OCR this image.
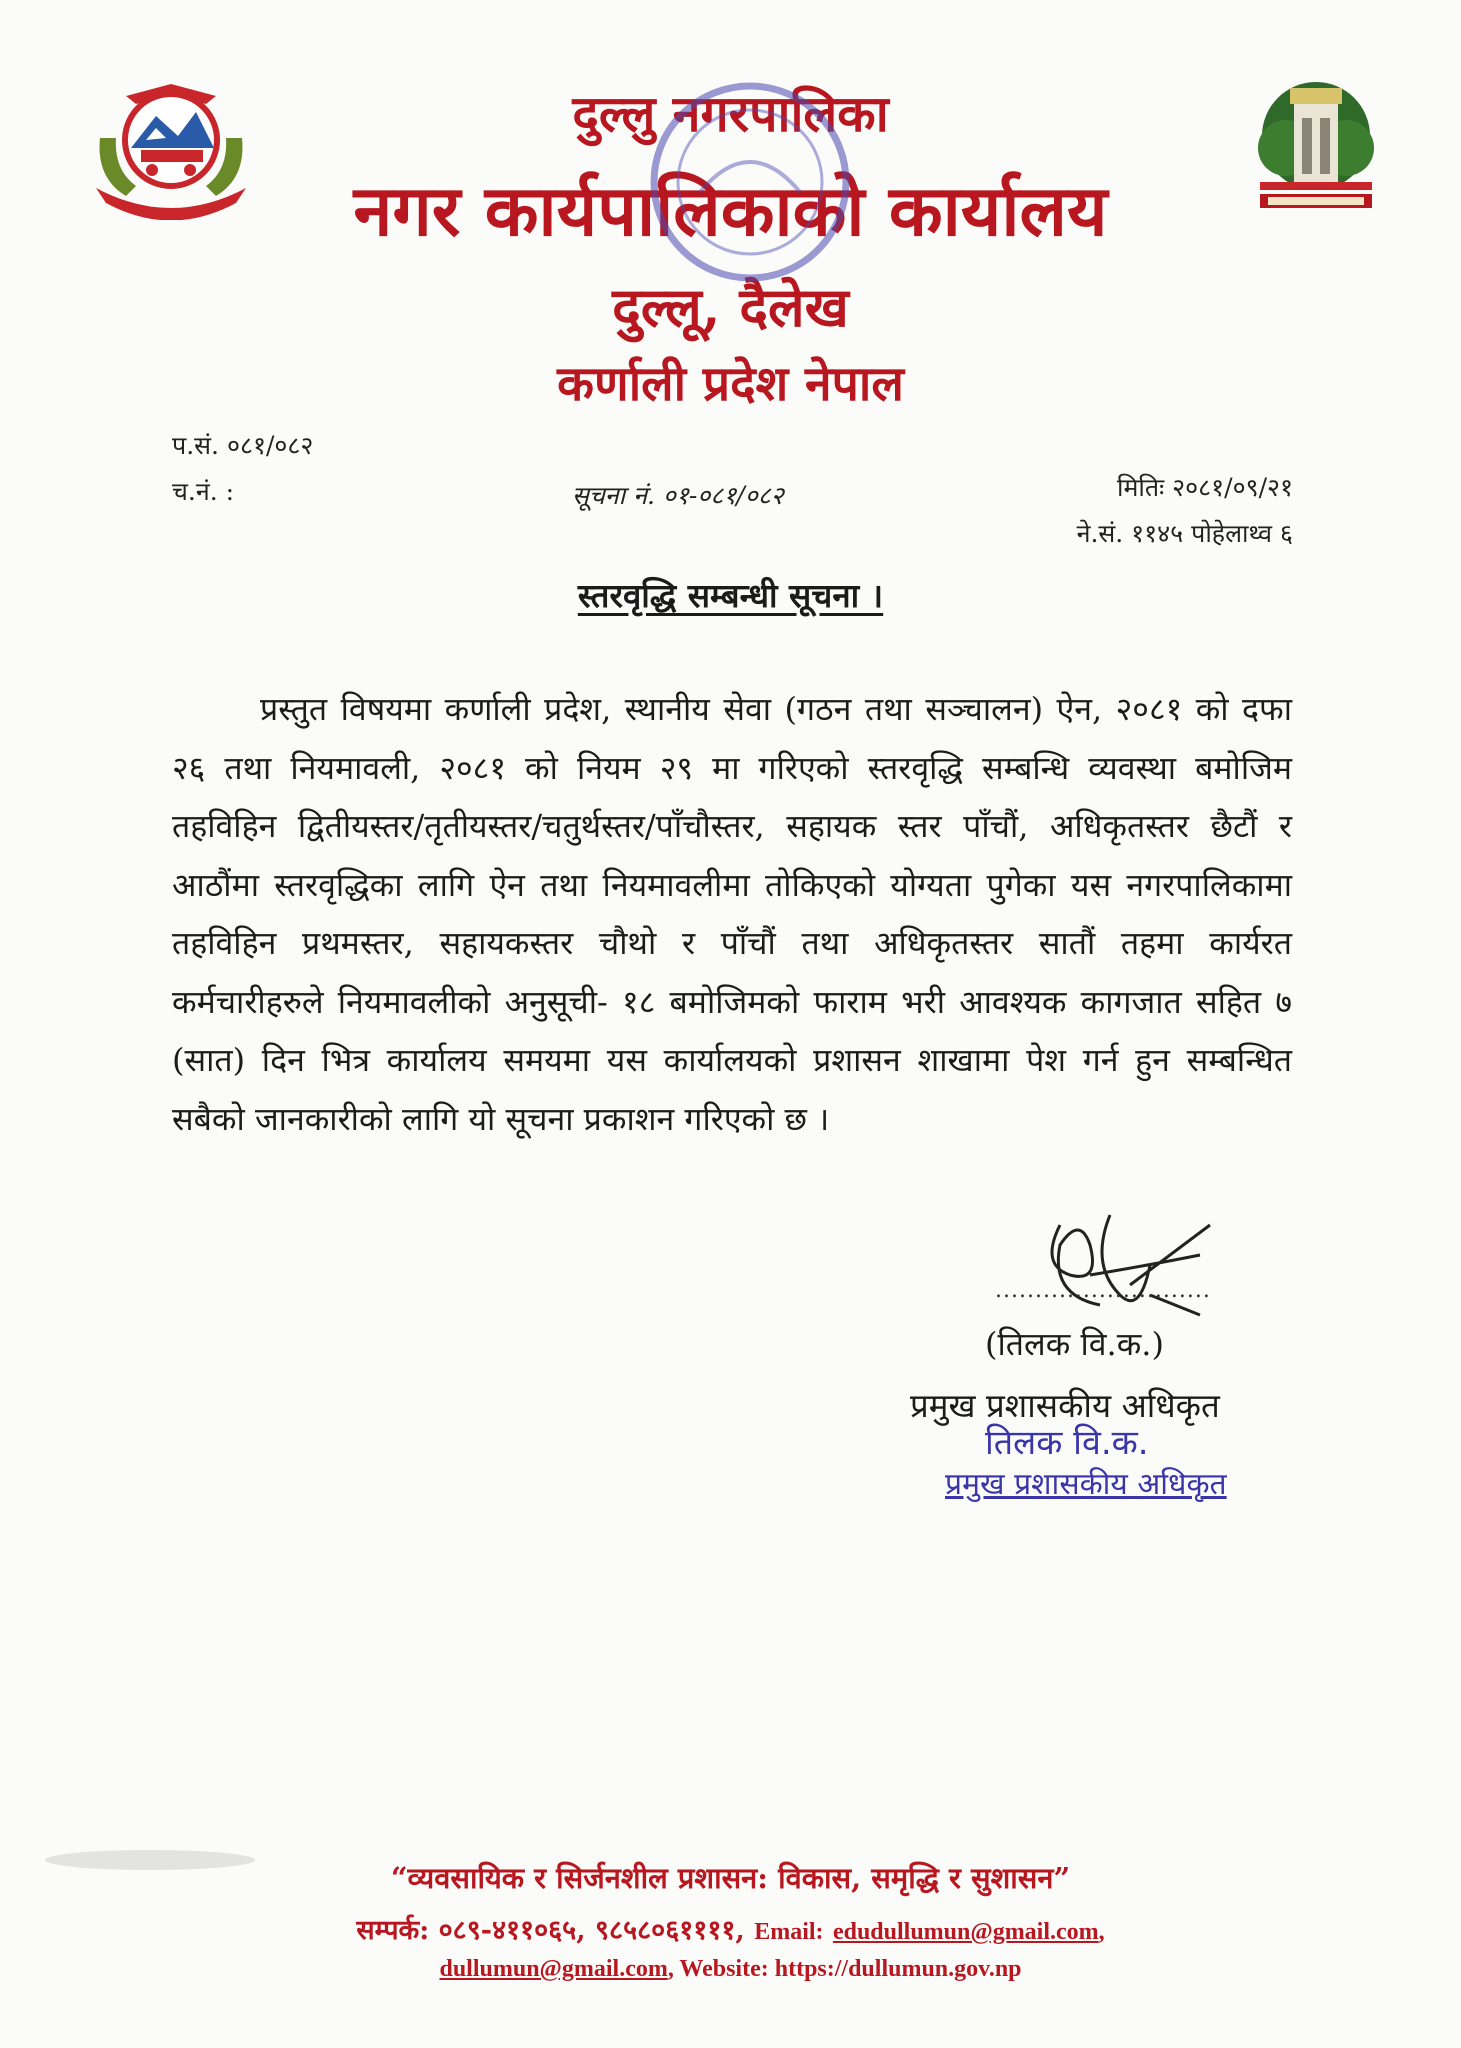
दुल्लु नगरपालिका
नगर कार्यपालिकाको कार्यालय
दुल्लू, दैलेख
कर्णाली प्रदेश नेपाल
प.सं. ०८१/०८२
च.नं. :	सूचना नं. ०१-०८१/०८२	मितिः २०८१/०९/२१
ने.सं. ११४५ पोहेलाथ्व ६
स्तरवृद्धि सम्बन्धी सूचना ।
प्रस्तुत विषयमा कर्णाली प्रदेश, स्थानीय सेवा (गठन तथा सञ्चालन) ऐन, २०८१ को दफा २६ तथा नियमावली, २०८१ को नियम २९ मा गरिएको स्तरवृद्धि सम्बन्धि व्यवस्था बमोजिम तहविहिन द्वितीयस्तर/तृतीयस्तर/चतुर्थस्तर/पाँचौस्तर, सहायक स्तर पाँचौं, अधिकृतस्तर छैटौं र आठौंमा स्तरवृद्धिका लागि ऐन तथा नियमावलीमा तोकिएको योग्यता पुगेका यस नगरपालिकामा तहविहिन प्रथमस्तर, सहायकस्तर चौथो र पाँचौं तथा अधिकृतस्तर सातौं तहमा कार्यरत कर्मचारीहरुले नियमावलीको अनुसूची- १८ बमोजिमको फाराम भरी आवश्यक कागजात सहित ७ (सात) दिन भित्र कार्यालय समयमा यस कार्यालयको प्रशासन शाखामा पेश गर्न हुन सम्बन्धित सबैको जानकारीको लागि यो सूचना प्रकाशन गरिएको छ ।
...........................
(तिलक वि.क.)
प्रमुख प्रशासकीय अधिकृत
तिलक वि.क.
प्रमुख प्रशासकीय अधिकृत
“व्यवसायिक र सिर्जनशील प्रशासन: विकास, समृद्धि र सुशासन”
सम्पर्क: ०८९-४११०६५, ९८५८०६११११, Email: edudullumun@gmail.com,
dullumun@gmail.com, Website: https://dullumun.gov.np
